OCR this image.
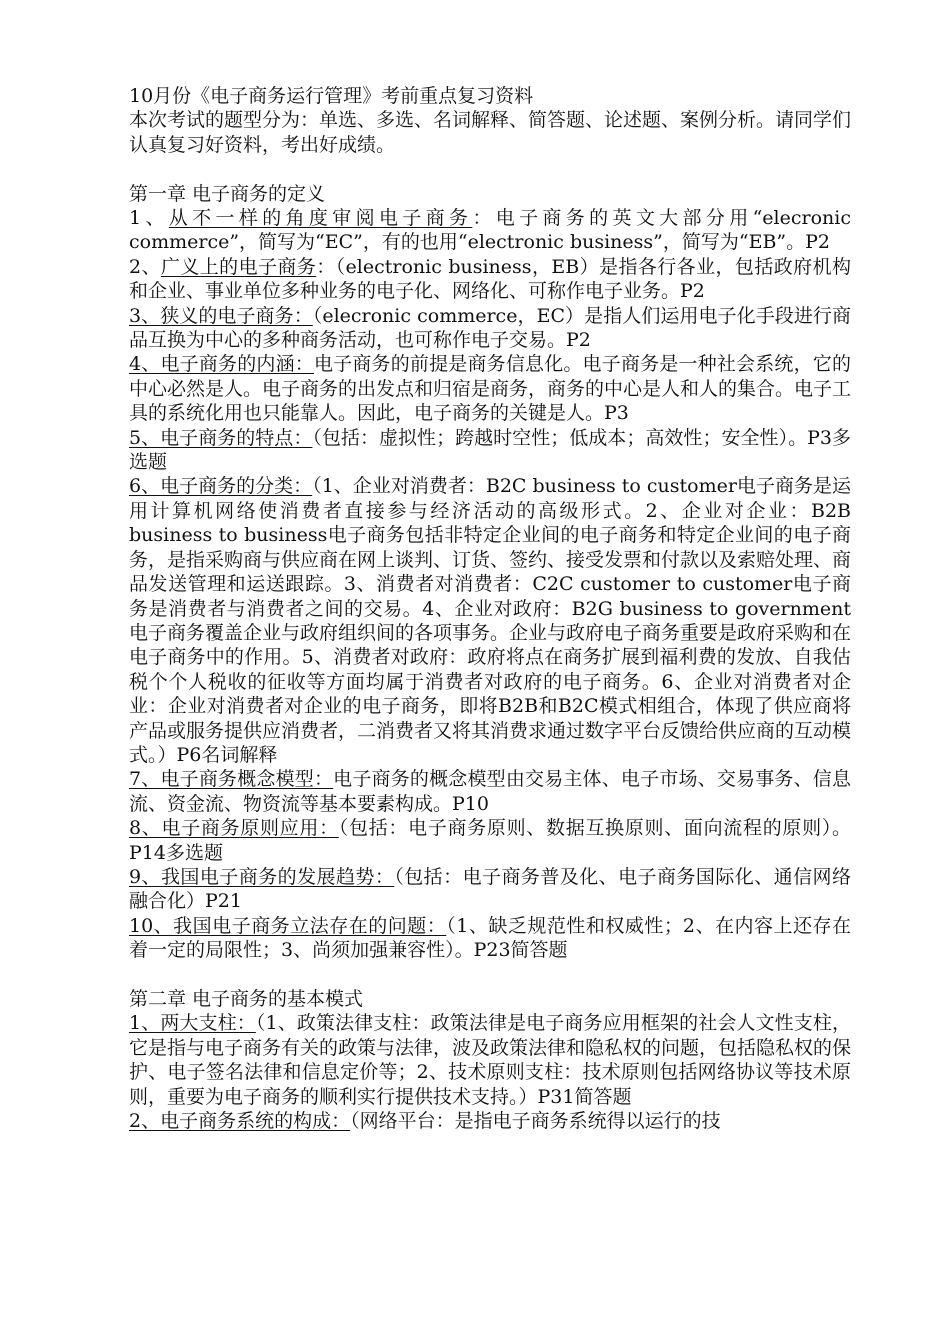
10月份《电子商务运行管理》考前重点复习资料

本次考试的题型分为：单选、多选、名词解释、简答题、论述题、案例分析。请同学们认真复习好资料，考出好成绩。

第一章 电子商务的定义

1、从不一样的角度审阅电子商务：电子商务的英文大部分用“elecronic commerce”，简写为“EC”，有的也用“electronic business”，简写为“EB”。P2

2、广义上的电子商务：（electronic business，EB）是指各行各业，包括政府机构和企业、事业单位多种业务的电子化、网络化、可称作电子业务。P2

3、狭义的电子商务：（elecronic commerce，EC）是指人们运用电子化手段进行商品互换为中心的多种商务活动，也可称作电子交易。P2

4、电子商务的内涵：电子商务的前提是商务信息化。电子商务是一种社会系统，它的中心必然是人。电子商务的出发点和归宿是商务，商务的中心是人和人的集合。电子工具的系统化用也只能靠人。因此，电子商务的关键是人。P3

5、电子商务的特点：（包括：虚拟性；跨越时空性；低成本；高效性；安全性）。P3多选题

6、电子商务的分类：（1、企业对消费者：B2C business to customer电子商务是运用计算机网络使消费者直接参与经济活动的高级形式。2、企业对企业：B2B business to business电子商务包括非特定企业间的电子商务和特定企业间的电子商务，是指采购商与供应商在网上谈判、订货、签约、接受发票和付款以及索赔处理、商品发送管理和运送跟踪。3、消费者对消费者：C2C customer to customer电子商务是消费者与消费者之间的交易。4、企业对政府：B2G business to government电子商务覆盖企业与政府组织间的各项事务。企业与政府电子商务重要是政府采购和在电子商务中的作用。5、消费者对政府：政府将点在商务扩展到福利费的发放、自我估税个个人税收的征收等方面均属于消费者对政府的电子商务。6、企业对消费者对企业：企业对消费者对企业的电子商务，即将B2B和B2C模式相组合，体现了供应商将产品或服务提供应消费者，二消费者又将其消费求通过数字平台反馈给供应商的互动模式。）P6名词解释

7、电子商务概念模型：电子商务的概念模型由交易主体、电子市场、交易事务、信息流、资金流、物资流等基本要素构成。P10

8、电子商务原则应用：（包括：电子商务原则、数据互换原则、面向流程的原则）。P14多选题

9、我国电子商务的发展趋势：（包括：电子商务普及化、电子商务国际化、通信网络融合化）P21

10、我国电子商务立法存在的问题：（1、缺乏规范性和权威性；2、在内容上还存在着一定的局限性；3、尚须加强兼容性）。P23简答题

第二章 电子商务的基本模式

1、两大支柱：（1、政策法律支柱：政策法律是电子商务应用框架的社会人文性支柱，它是指与电子商务有关的政策与法律，波及政策法律和隐私权的问题，包括隐私权的保护、电子签名法律和信息定价等；2、技术原则支柱：技术原则包括网络协议等技术原则，重要为电子商务的顺利实行提供技术支持。）P31简答题

2、电子商务系统的构成：（网络平台：是指电子商务系统得以运行的技
